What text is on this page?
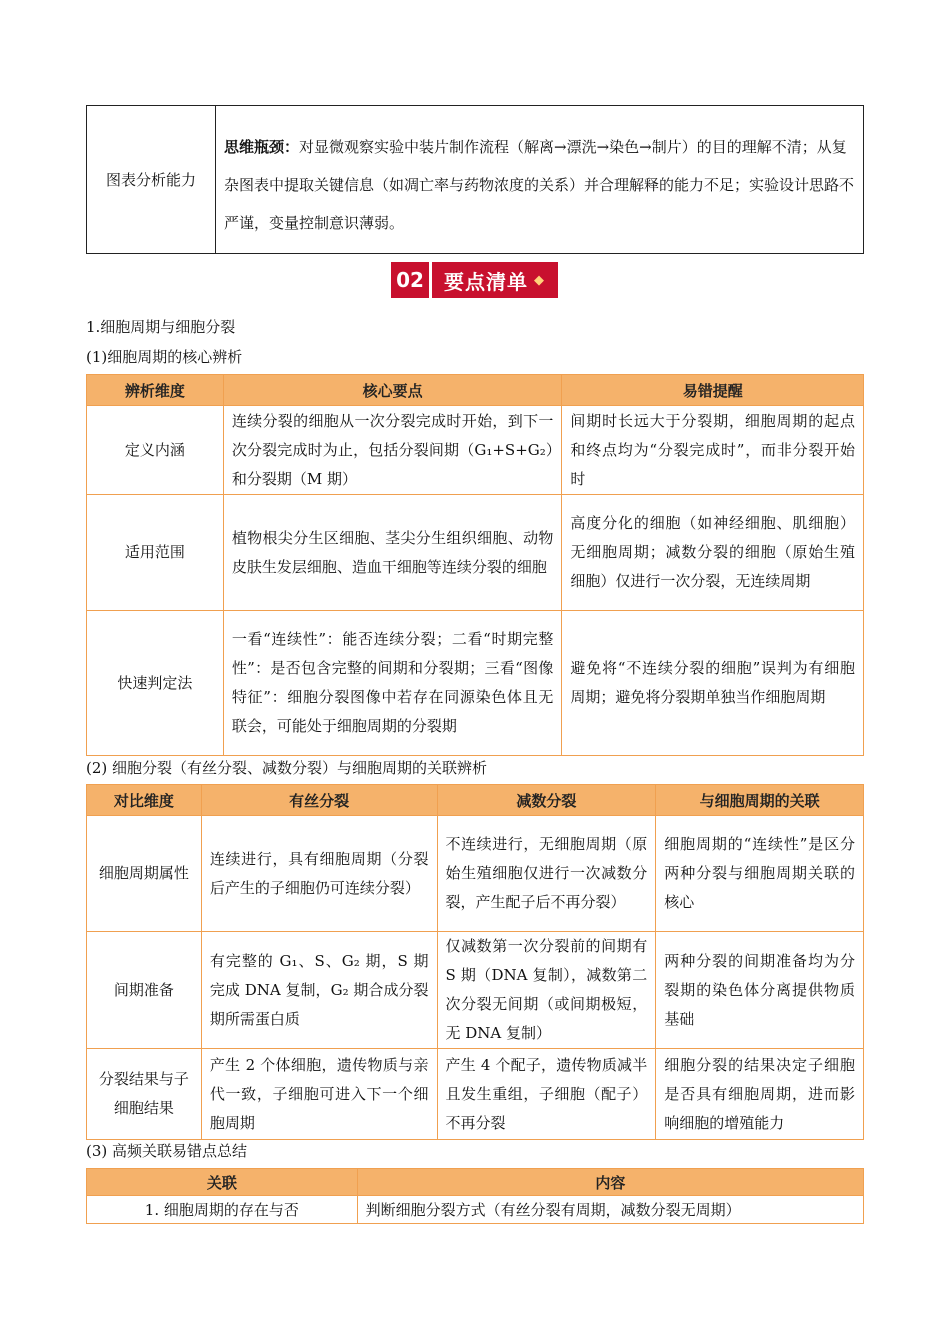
图表分析能力	思维瓶颈：对显微观察实验中装片制作流程（解离→漂洗→染色→制片）的目的理解不清；从复杂图表中提取关键信息（如凋亡率与药物浓度的关系）并合理解释的能力不足；实验设计思路不严谨，变量控制意识薄弱。
02	要点清单 ◆
1.细胞周期与细胞分裂
(1)细胞周期的核心辨析
辨析维度	核心要点	易错提醒
定义内涵	连续分裂的细胞从一次分裂完成时开始，到下一次分裂完成时为止，包括分裂间期（G₁+S+G₂）和分裂期（M 期）	间期时长远大于分裂期，细胞周期的起点和终点均为“分裂完成时”，而非分裂开始时
适用范围	植物根尖分生区细胞、茎尖分生组织细胞、动物皮肤生发层细胞、造血干细胞等连续分裂的细胞	高度分化的细胞（如神经细胞、肌细胞）无细胞周期；减数分裂的细胞（原始生殖细胞）仅进行一次分裂，无连续周期
快速判定法	一看“连续性”：能否连续分裂；二看“时期完整性”：是否包含完整的间期和分裂期；三看“图像特征”：细胞分裂图像中若存在同源染色体且无联会，可能处于细胞周期的分裂期	避免将“不连续分裂的细胞”误判为有细胞周期；避免将分裂期单独当作细胞周期
(2) 细胞分裂（有丝分裂、减数分裂）与细胞周期的关联辨析
对比维度	有丝分裂	减数分裂	与细胞周期的关联
细胞周期属性	连续进行，具有细胞周期（分裂后产生的子细胞仍可连续分裂）	不连续进行，无细胞周期（原始生殖细胞仅进行一次减数分裂，产生配子后不再分裂）	细胞周期的“连续性”是区分两种分裂与细胞周期关联的核心
间期准备	有完整的 G₁、S、G₂ 期，S 期完成 DNA 复制，G₂ 期合成分裂期所需蛋白质	仅减数第一次分裂前的间期有 S 期（DNA 复制），减数第二次分裂无间期（或间期极短，无 DNA 复制）	两种分裂的间期准备均为分裂期的染色体分离提供物质基础
分裂结果与子细胞结果	产生 2 个体细胞，遗传物质与亲代一致，子细胞可进入下一个细胞周期	产生 4 个配子，遗传物质减半且发生重组，子细胞（配子）不再分裂	细胞分裂的结果决定子细胞是否具有细胞周期，进而影响细胞的增殖能力
(3) 高频关联易错点总结
关联	内容
1. 细胞周期的存在与否	判断细胞分裂方式（有丝分裂有周期，减数分裂无周期）
